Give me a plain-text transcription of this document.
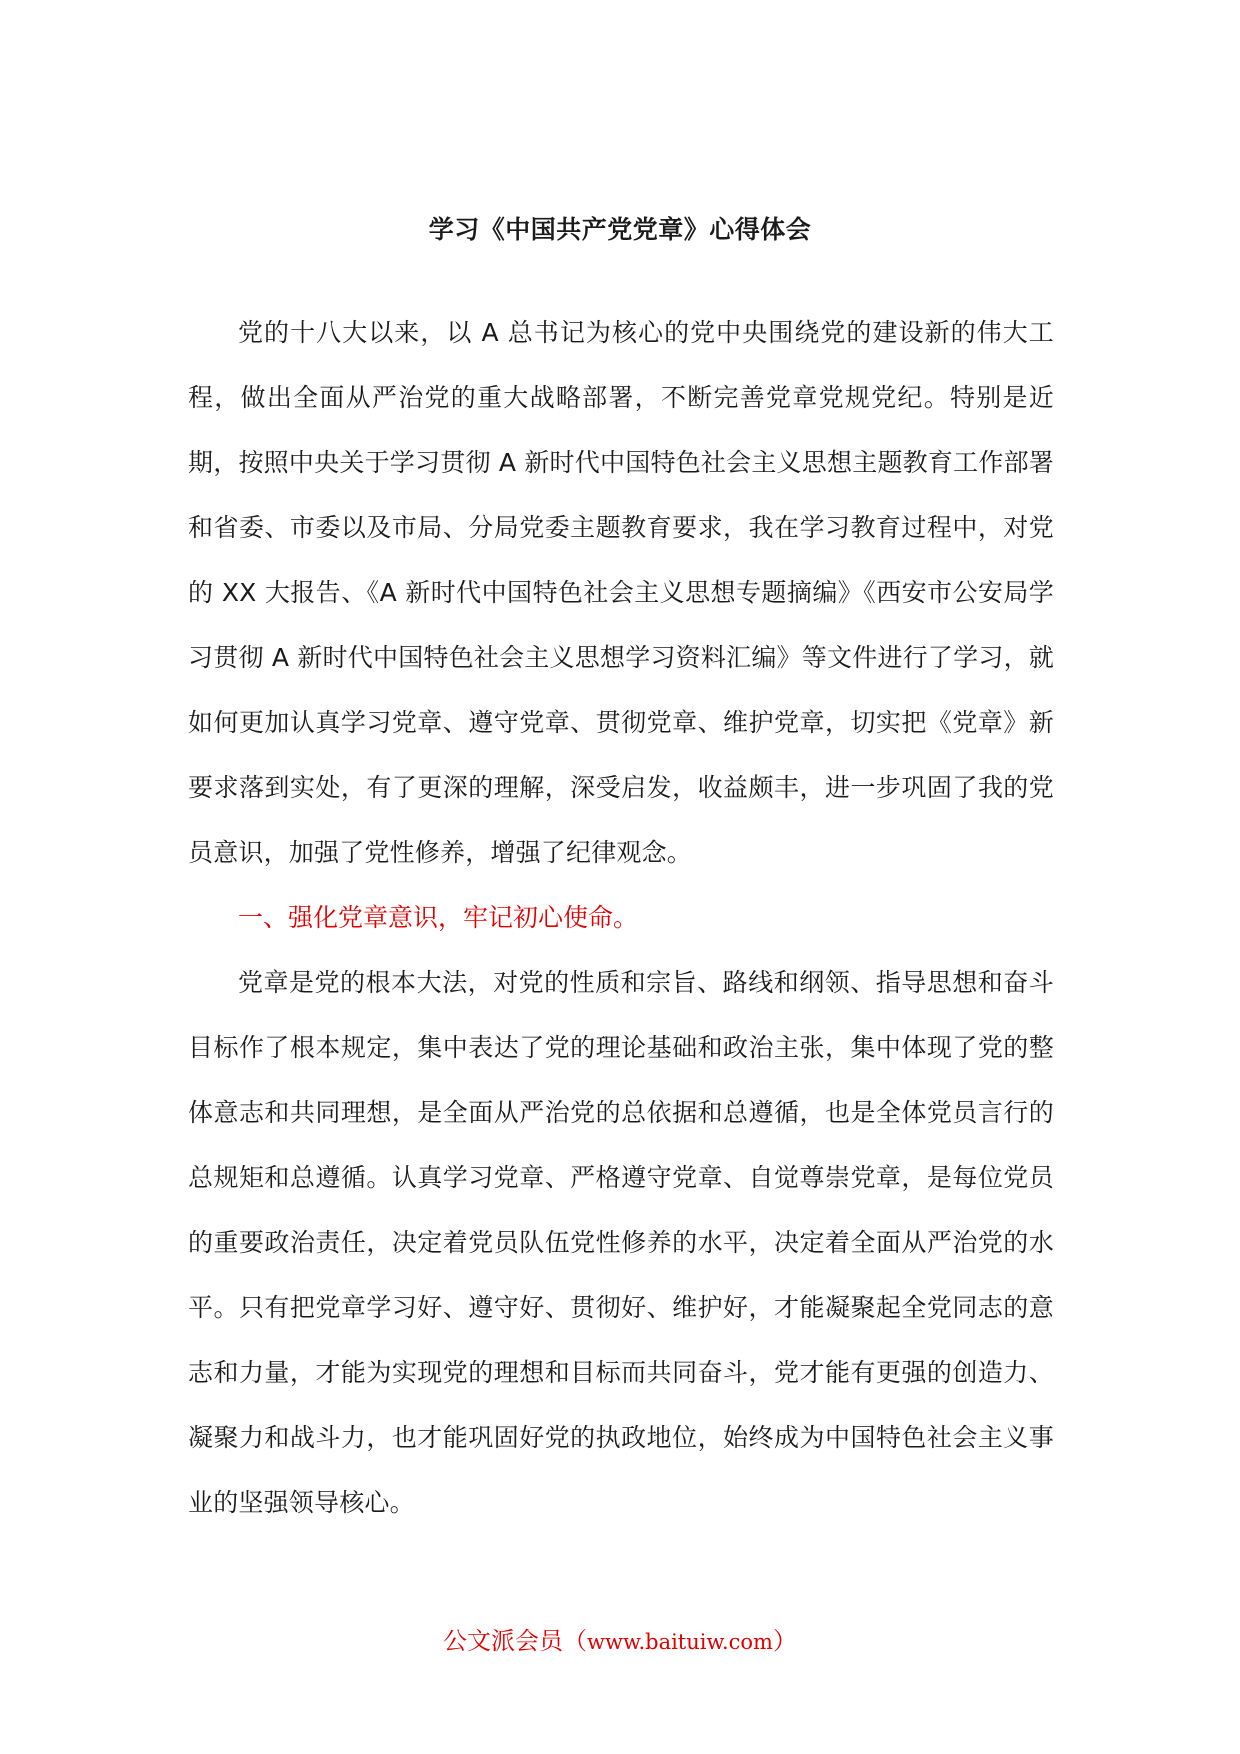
学习《中国共产党党章》心得体会

党的十八大以来，以 A 总书记为核心的党中央围绕党的建设新的伟大工程，做出全面从严治党的重大战略部署，不断完善党章党规党纪。特别是近期，按照中央关于学习贯彻 A 新时代中国特色社会主义思想主题教育工作部署和省委、市委以及市局、分局党委主题教育要求，我在学习教育过程中，对党的 XX 大报告、《A 新时代中国特色社会主义思想专题摘编》《西安市公安局学习贯彻 A 新时代中国特色社会主义思想学习资料汇编》等文件进行了学习，就如何更加认真学习党章、遵守党章、贯彻党章、维护党章，切实把《党章》新要求落到实处，有了更深的理解，深受启发，收益颇丰，进一步巩固了我的党员意识，加强了党性修养，增强了纪律观念。

一、强化党章意识，牢记初心使命。

党章是党的根本大法，对党的性质和宗旨、路线和纲领、指导思想和奋斗目标作了根本规定，集中表达了党的理论基础和政治主张，集中体现了党的整体意志和共同理想，是全面从严治党的总依据和总遵循，也是全体党员言行的总规矩和总遵循。认真学习党章、严格遵守党章、自觉尊崇党章，是每位党员的重要政治责任，决定着党员队伍党性修养的水平，决定着全面从严治党的水平。只有把党章学习好、遵守好、贯彻好、维护好，才能凝聚起全党同志的意志和力量，才能为实现党的理想和目标而共同奋斗，党才能有更强的创造力、凝聚力和战斗力，也才能巩固好党的执政地位，始终成为中国特色社会主义事业的坚强领导核心。

公文派会员（www.baituiw.com）
